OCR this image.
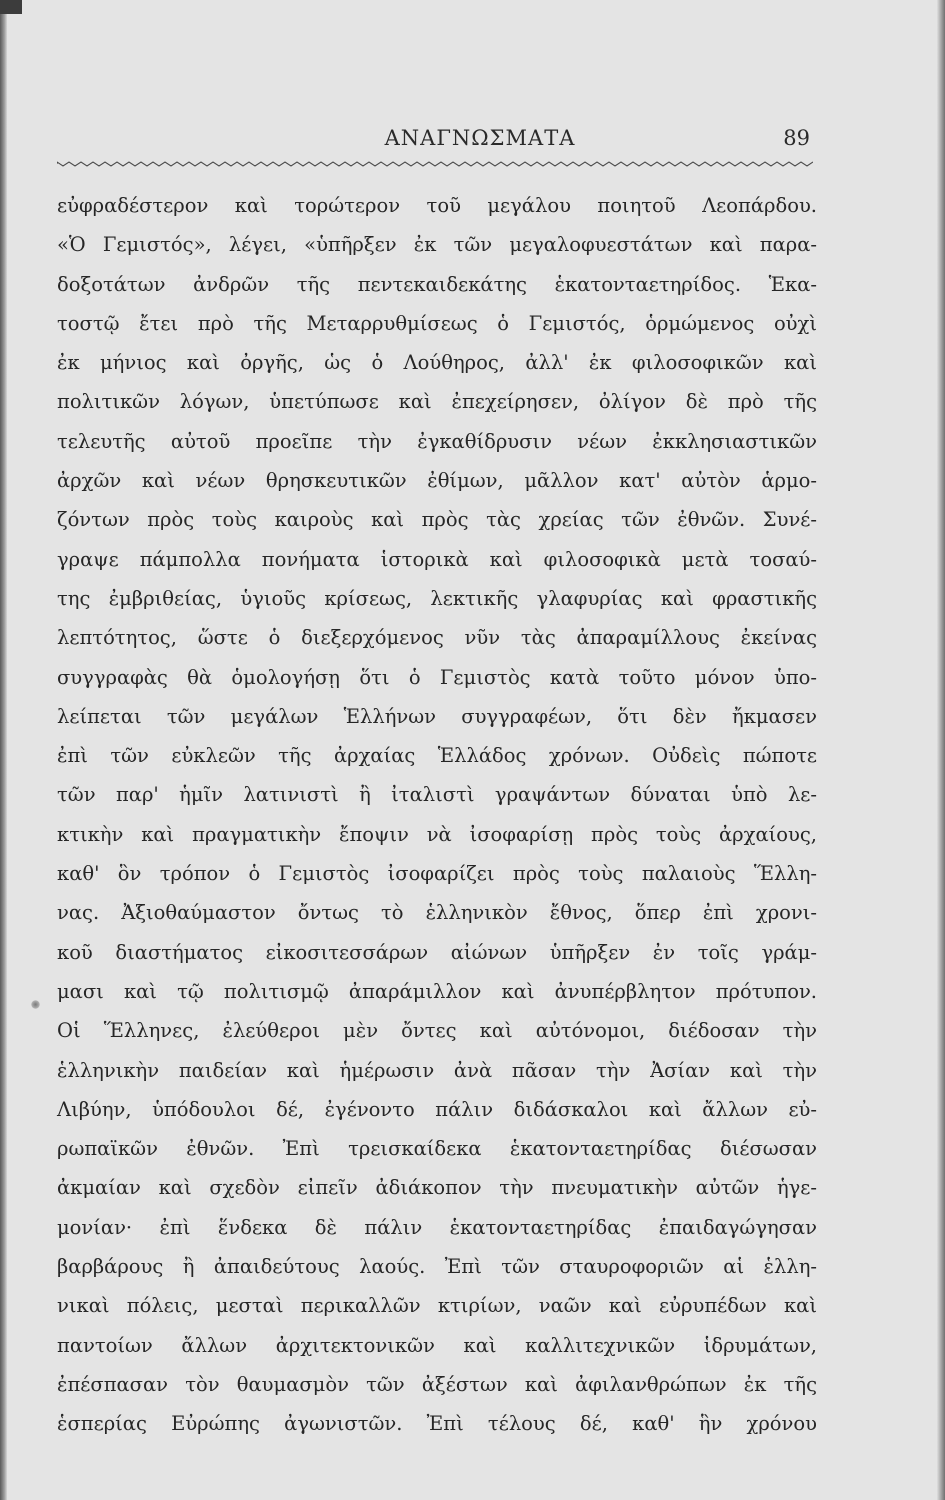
ΑΝΑΓΝΩΣΜΑΤΑ	89
εὐφραδέστερον καὶ τορώτερον τοῦ μεγάλου ποιητοῦ Λεοπάρδου.
«Ὁ Γεμιστός», λέγει, «ὑπῆρξεν ἐκ τῶν μεγαλοφυεστάτων καὶ παρα-
δοξοτάτων ἀνδρῶν τῆς πεντεκαιδεκάτης ἑκατονταετηρίδος. Ἑκα-
τοστῷ ἔτει πρὸ τῆς Μεταρρυθμίσεως ὁ Γεμιστός, ὁρμώμενος οὐχὶ
ἐκ μήνιος καὶ ὀργῆς, ὡς ὁ Λούθηρος, ἀλλ' ἐκ φιλοσοφικῶν καὶ
πολιτικῶν λόγων, ὑπετύπωσε καὶ ἐπεχείρησεν, ὀλίγον δὲ πρὸ τῆς
τελευτῆς αὐτοῦ προεῖπε τὴν ἐγκαθίδρυσιν νέων ἐκκλησιαστικῶν
ἀρχῶν καὶ νέων θρησκευτικῶν ἐθίμων, μᾶλλον κατ' αὐτὸν ἁρμο-
ζόντων πρὸς τοὺς καιροὺς καὶ πρὸς τὰς χρείας τῶν ἐθνῶν. Συνέ-
γραψε πάμπολλα πονήματα ἱστορικὰ καὶ φιλοσοφικὰ μετὰ τοσαύ-
της ἐμβριθείας, ὑγιοῦς κρίσεως, λεκτικῆς γλαφυρίας καὶ φραστικῆς
λεπτότητος, ὥστε ὁ διεξερχόμενος νῦν τὰς ἀπαραμίλλους ἐκείνας
συγγραφὰς θὰ ὁμολογήσῃ ὅτι ὁ Γεμιστὸς κατὰ τοῦτο μόνον ὑπο-
λείπεται τῶν μεγάλων Ἑλλήνων συγγραφέων, ὅτι δὲν ἤκμασεν
ἐπὶ τῶν εὐκλεῶν τῆς ἀρχαίας Ἑλλάδος χρόνων. Οὐδεὶς πώποτε
τῶν παρ' ἡμῖν λατινιστὶ ἢ ἰταλιστὶ γραψάντων δύναται ὑπὸ λε-
κτικὴν καὶ πραγματικὴν ἔποψιν νὰ ἰσοφαρίσῃ πρὸς τοὺς ἀρχαίους,
καθ' ὃν τρόπον ὁ Γεμιστὸς ἰσοφαρίζει πρὸς τοὺς παλαιοὺς Ἕλλη-
νας. Ἀξιοθαύμαστον ὄντως τὸ ἑλληνικὸν ἔθνος, ὅπερ ἐπὶ χρονι-
κοῦ διαστήματος εἰκοσιτεσσάρων αἰώνων ὑπῆρξεν ἐν τοῖς γράμ-
μασι καὶ τῷ πολιτισμῷ ἀπαράμιλλον καὶ ἀνυπέρβλητον πρότυπον.
Οἱ Ἕλληνες, ἐλεύθεροι μὲν ὄντες καὶ αὐτόνομοι, διέδοσαν τὴν
ἑλληνικὴν παιδείαν καὶ ἡμέρωσιν ἀνὰ πᾶσαν τὴν Ἀσίαν καὶ τὴν
Λιβύην, ὑπόδουλοι δέ, ἐγένοντο πάλιν διδάσκαλοι καὶ ἄλλων εὐ-
ρωπαϊκῶν ἐθνῶν. Ἐπὶ τρεισκαίδεκα ἑκατονταετηρίδας διέσωσαν
ἀκμαίαν καὶ σχεδὸν εἰπεῖν ἀδιάκοπον τὴν πνευματικὴν αὐτῶν ἡγε-
μονίαν· ἐπὶ ἕνδεκα δὲ πάλιν ἑκατονταετηρίδας ἐπαιδαγώγησαν
βαρβάρους ἢ ἀπαιδεύτους λαούς. Ἐπὶ τῶν σταυροφοριῶν αἱ ἑλλη-
νικαὶ πόλεις, μεσταὶ περικαλλῶν κτιρίων, ναῶν καὶ εὐρυπέδων καὶ
παντοίων ἄλλων ἀρχιτεκτονικῶν καὶ καλλιτεχνικῶν ἱδρυμάτων,
ἐπέσπασαν τὸν θαυμασμὸν τῶν ἀξέστων καὶ ἀφιλανθρώπων ἐκ τῆς
ἑσπερίας Εὐρώπης ἀγωνιστῶν. Ἐπὶ τέλους δέ, καθ' ἣν χρόνου
